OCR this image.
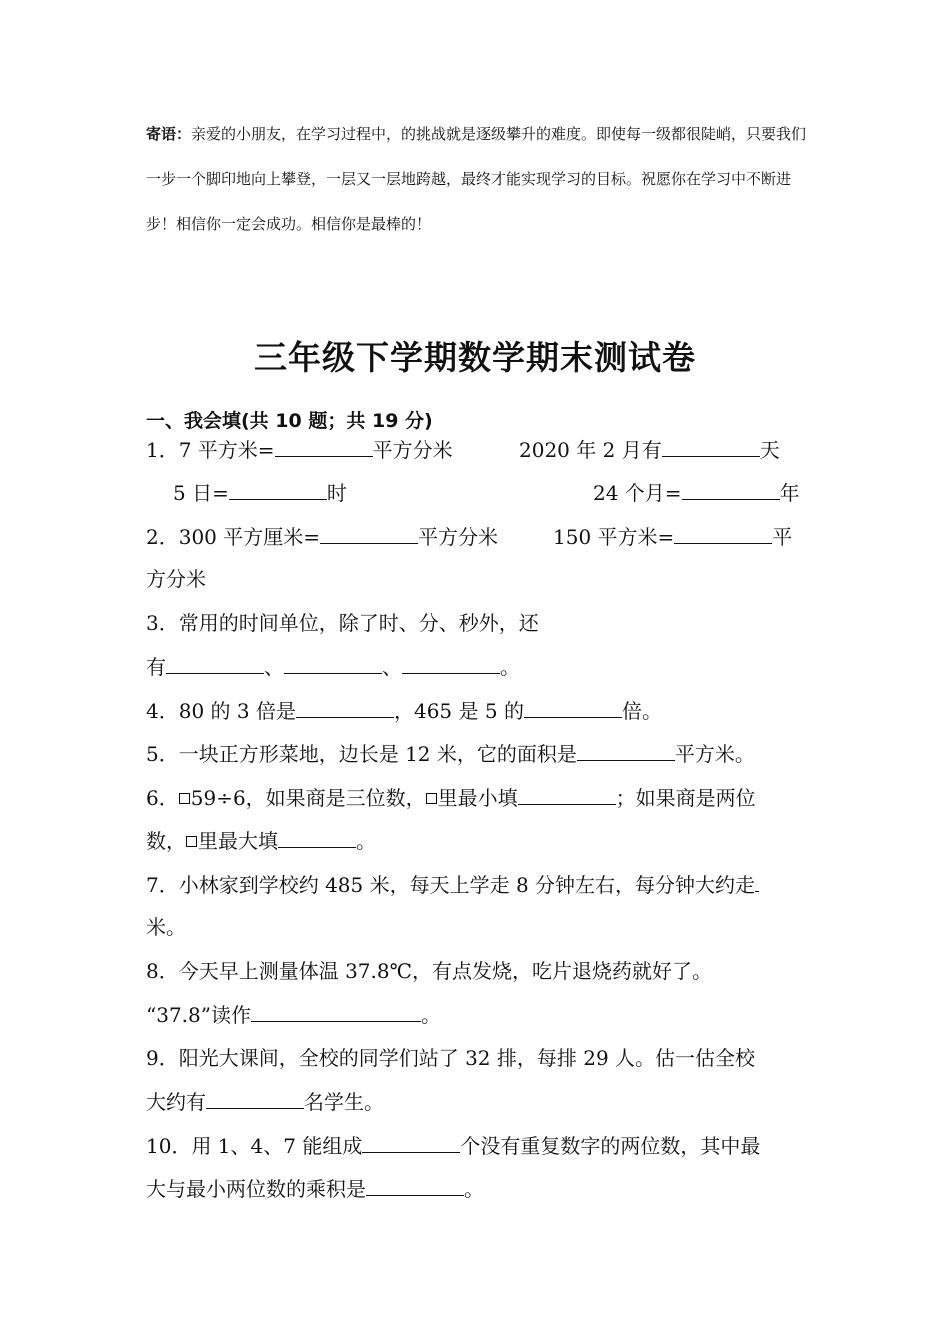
寄语：亲爱的小朋友，在学习过程中，的挑战就是逐级攀升的难度。即使每一级都很陡峭，只要我们一步一个脚印地向上攀登，一层又一层地跨越，最终才能实现学习的目标。祝愿你在学习中不断进步！相信你一定会成功。相信你是最棒的！
三年级下学期数学期末测试卷
一、我会填(共 10 题；共 19 分)
1．7 平方米=	平方分米	2020 年 2 月有	天
5 日=	时	24 个月=	年
2．300 平方厘米=	平方分米	150 平方米=	平
方分米
3．常用的时间单位，除了时、分、秒外，还
有	、	、	。
4．80 的 3 倍是	，465 是 5 的	倍。
5．一块正方形菜地，边长是 12 米，它的面积是	平方米。
6． 59÷6，如果商是三位数， 里最小填	；如果商是两位
数， 里最大填	。
7．小林家到学校约 485 米，每天上学走 8 分钟左右，每分钟大约走
米。
8．今天早上测量体温 37.8℃，有点发烧，吃片退烧药就好了。
“37.8”读作	。
9．阳光大课间，全校的同学们站了 32 排，每排 29 人。估一估全校
大约有	名学生。
10．用 1、4、7 能组成	个没有重复数字的两位数，其中最
大与最小两位数的乘积是	。
